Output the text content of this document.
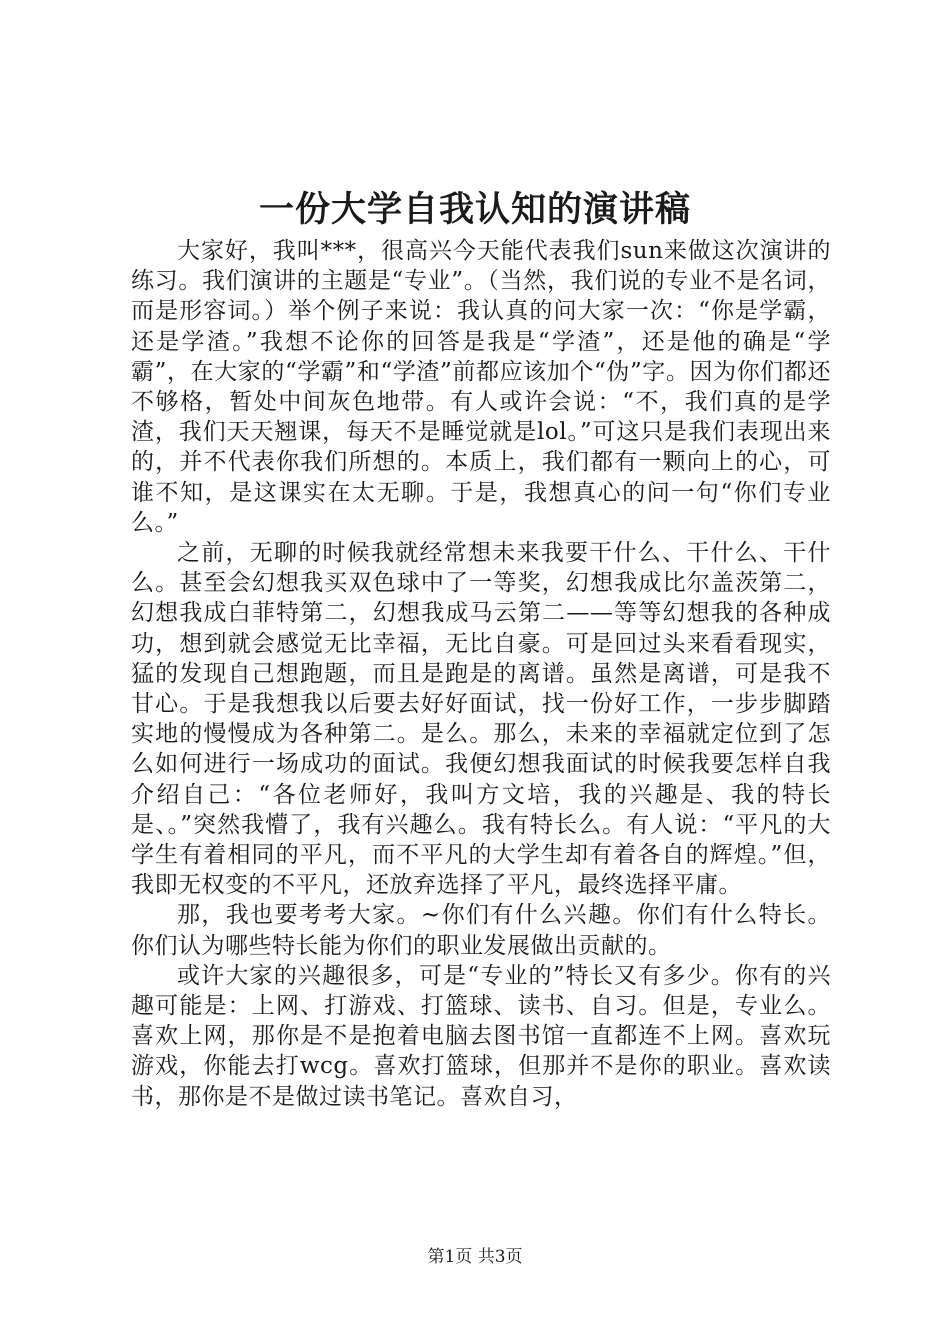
一份大学自我认知的演讲稿

大家好，我叫***，很高兴今天能代表我们sun来做这次演讲的练习。我们演讲的主题是“专业”。（当然，我们说的专业不是名词，而是形容词。）举个例子来说：我认真的问大家一次：“你是学霸，还是学渣。”我想不论你的回答是我是“学渣”，还是他的确是“学霸”，在大家的“学霸”和“学渣”前都应该加个“伪”字。因为你们都还不够格，暂处中间灰色地带。有人或许会说：“不，我们真的是学渣，我们天天翘课，每天不是睡觉就是lol。”可这只是我们表现出来的，并不代表你我们所想的。本质上，我们都有一颗向上的心，可谁不知，是这课实在太无聊。于是，我想真心的问一句“你们专业么。”

之前，无聊的时候我就经常想未来我要干什么、干什么、干什么。甚至会幻想我买双色球中了一等奖，幻想我成比尔盖茨第二，幻想我成白菲特第二，幻想我成马云第二——等等幻想我的各种成功，想到就会感觉无比幸福，无比自豪。可是回过头来看看现实，猛的发现自己想跑题，而且是跑是的离谱。虽然是离谱，可是我不甘心。于是我想我以后要去好好面试，找一份好工作，一步步脚踏实地的慢慢成为各种第二。是么。那么，未来的幸福就定位到了怎么如何进行一场成功的面试。我便幻想我面试的时候我要怎样自我介绍自己：“各位老师好，我叫方文培，我的兴趣是、我的特长是、。”突然我懵了，我有兴趣么。我有特长么。有人说：“平凡的大学生有着相同的平凡，而不平凡的大学生却有着各自的辉煌。”但，我即无权变的不平凡，还放弃选择了平凡，最终选择平庸。

那，我也要考考大家。~你们有什么兴趣。你们有什么特长。你们认为哪些特长能为你们的职业发展做出贡献的。

或许大家的兴趣很多，可是“专业的”特长又有多少。你有的兴趣可能是：上网、打游戏、打篮球、读书、自习。但是，专业么。喜欢上网，那你是不是抱着电脑去图书馆一直都连不上网。喜欢玩游戏，你能去打wcg。喜欢打篮球，但那并不是你的职业。喜欢读书，那你是不是做过读书笔记。喜欢自习，

第1页 共3页
